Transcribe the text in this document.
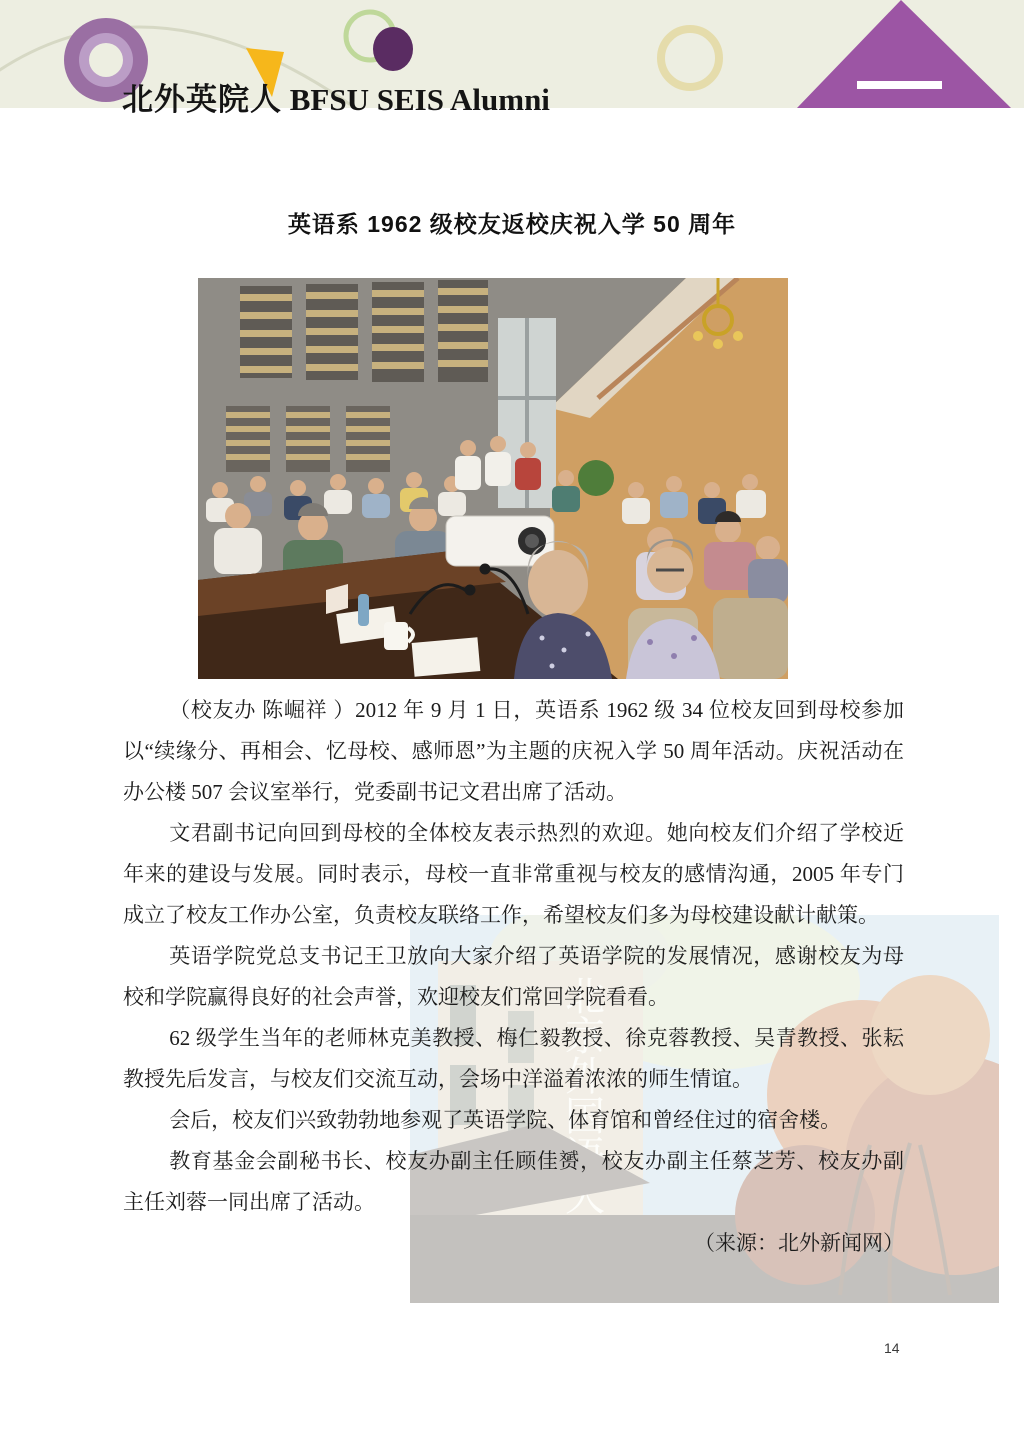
北外英院人 BFSU SEIS Alumni
英语系 1962 级校友返校庆祝入学 50 周年
北京外国语大学

（校友办 陈崛祥 ）2012 年 9 月 1 日，英语系 1962 级 34 位校友回到母校参加以“续缘分、再相会、忆母校、感师恩”为主题的庆祝入学 50 周年活动。庆祝活动在办公楼 507 会议室举行，党委副书记文君出席了活动。

文君副书记向回到母校的全体校友表示热烈的欢迎。她向校友们介绍了学校近年来的建设与发展。同时表示，母校一直非常重视与校友的感情沟通，2005 年专门成立了校友工作办公室，负责校友联络工作，希望校友们多为母校建设献计献策。

英语学院党总支书记王卫放向大家介绍了英语学院的发展情况，感谢校友为母校和学院赢得良好的社会声誉，欢迎校友们常回学院看看。

62 级学生当年的老师林克美教授、梅仁毅教授、徐克蓉教授、吴青教授、张耘教授先后发言，与校友们交流互动，会场中洋溢着浓浓的师生情谊。

会后，校友们兴致勃勃地参观了英语学院、体育馆和曾经住过的宿舍楼。

教育基金会副秘书长、校友办副主任顾佳赟，校友办副主任蔡芝芳、校友办副主任刘蓉一同出席了活动。

（来源：北外新闻网）

14
